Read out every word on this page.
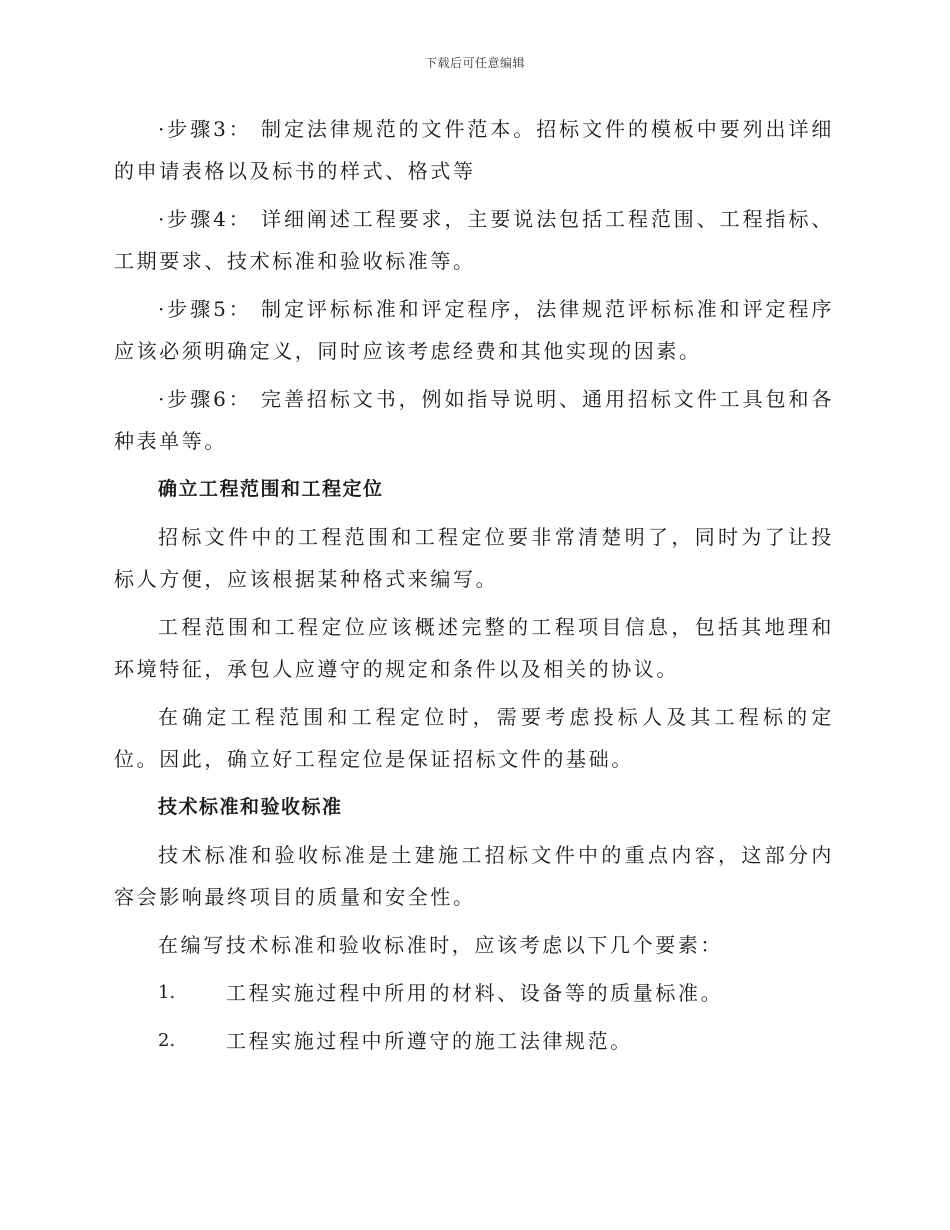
下载后可任意编辑

·步骤3： 制定法律规范的文件范本。招标文件的模板中要列出详细的申请表格以及标书的样式、格式等

·步骤4： 详细阐述工程要求，主要说法包括工程范围、工程指标、工期要求、技术标准和验收标准等。

·步骤5： 制定评标标准和评定程序，法律规范评标标准和评定程序应该必须明确定义，同时应该考虑经费和其他实现的因素。

·步骤6： 完善招标文书，例如指导说明、通用招标文件工具包和各种表单等。

确立工程范围和工程定位

招标文件中的工程范围和工程定位要非常清楚明了，同时为了让投标人方便，应该根据某种格式来编写。

工程范围和工程定位应该概述完整的工程项目信息，包括其地理和环境特征，承包人应遵守的规定和条件以及相关的协议。

在确定工程范围和工程定位时，需要考虑投标人及其工程标的定位。因此，确立好工程定位是保证招标文件的基础。

技术标准和验收标准

技术标准和验收标准是土建施工招标文件中的重点内容，这部分内容会影响最终项目的质量和安全性。

在编写技术标准和验收标准时，应该考虑以下几个要素：

1.	工程实施过程中所用的材料、设备等的质量标准。
2.	工程实施过程中所遵守的施工法律规范。
